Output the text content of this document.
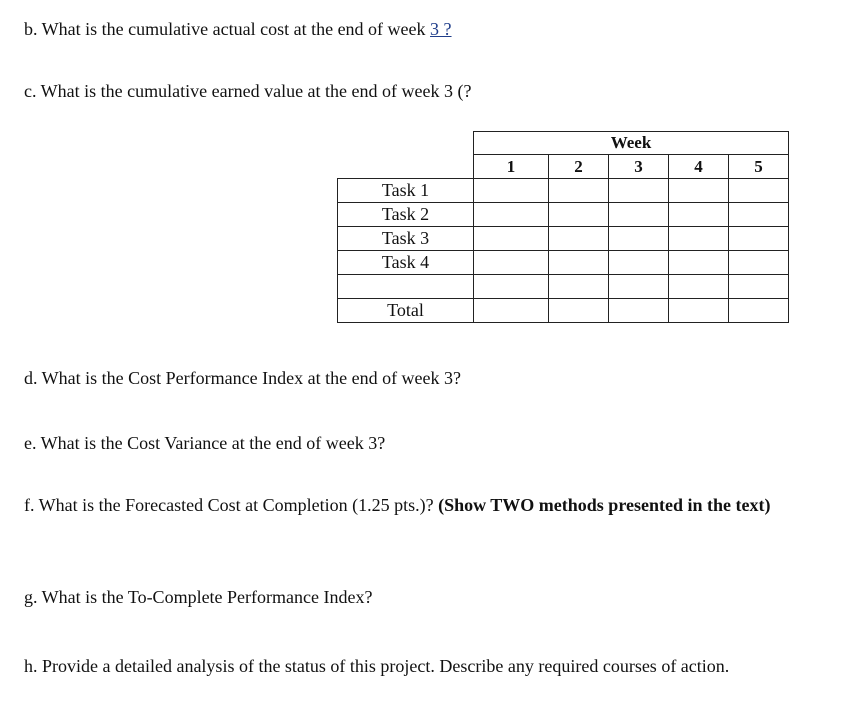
b. What is the cumulative actual cost at the end of week 3 ?

c. What is the cumulative earned value at the end of week 3 (?

	Week				
	1	2	3	4	5
Task 1					
Task 2					
Task 3					
Task 4					

Total					

d. What is the Cost Performance Index at the end of week 3?

e. What is the Cost Variance at the end of week 3?

f. What is the Forecasted Cost at Completion (1.25 pts.)? (Show TWO methods presented in the text)

g. What is the To-Complete Performance Index?

h. Provide a detailed analysis of the status of this project. Describe any required courses of action.
